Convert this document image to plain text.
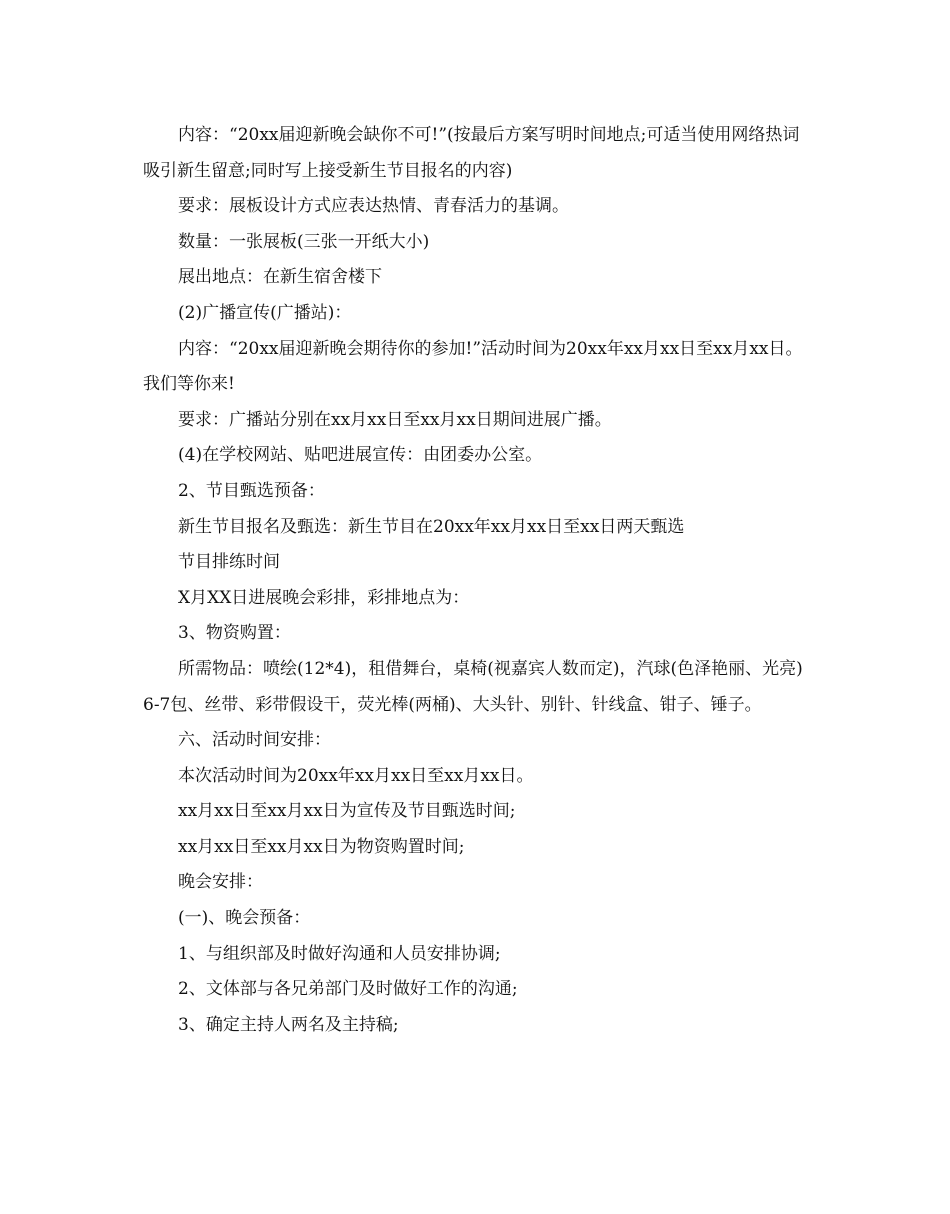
内容：“20xx届迎新晚会缺你不可!”(按最后方案写明时间地点;可适当使用网络热词吸引新生留意;同时写上接受新生节目报名的内容)

要求：展板设计方式应表达热情、青春活力的基调。

数量：一张展板(三张一开纸大小)

展出地点：在新生宿舍楼下

(2)广播宣传(广播站)：

内容：“20xx届迎新晚会期待你的参加!”活动时间为20xx年xx月xx日至xx月xx日。我们等你来!

要求：广播站分别在xx月xx日至xx月xx日期间进展广播。

(4)在学校网站、贴吧进展宣传：由团委办公室。

2、节目甄选预备：

新生节目报名及甄选：新生节目在20xx年xx月xx日至xx日两天甄选

节目排练时间

X月XX日进展晚会彩排，彩排地点为：

3、物资购置：

所需物品：喷绘(12*4)，租借舞台，桌椅(视嘉宾人数而定)，汽球(色泽艳丽、光亮)6-7包、丝带、彩带假设干，荧光棒(两桶)、大头针、别针、针线盒、钳子、锤子。

六、活动时间安排：

本次活动时间为20xx年xx月xx日至xx月xx日。

xx月xx日至xx月xx日为宣传及节目甄选时间;

xx月xx日至xx月xx日为物资购置时间;

晚会安排：

(一)、晚会预备：

1、与组织部及时做好沟通和人员安排协调;

2、文体部与各兄弟部门及时做好工作的沟通;

3、确定主持人两名及主持稿;
